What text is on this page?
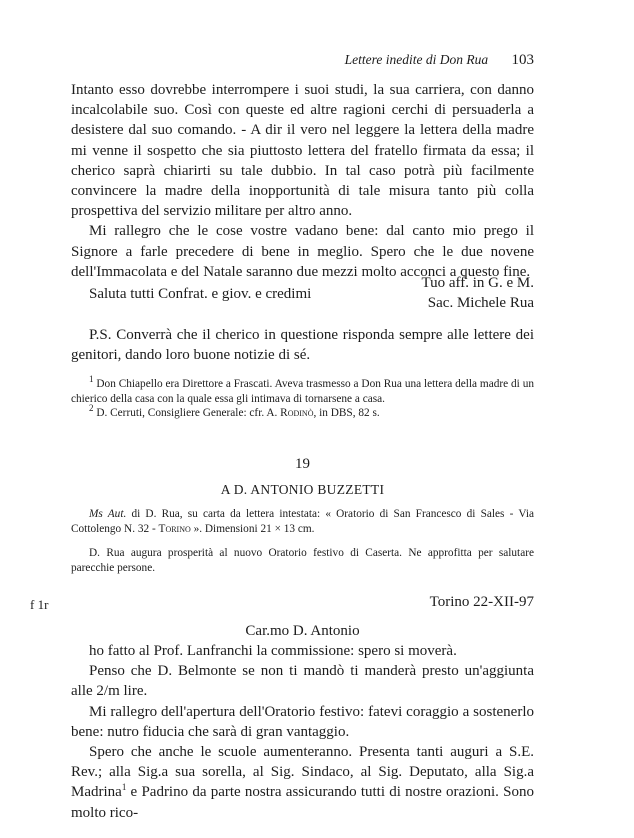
Lettere inedite di Don Rua 103

Intanto esso dovrebbe interrompere i suoi studi, la sua carriera, con danno incalcolabile suo. Così con queste ed altre ragioni cerchi di persuaderla a desistere dal suo comando. - A dir il vero nel leggere la lettera della madre mi venne il sospetto che sia piuttosto lettera del fratello firmata da essa; il cherico saprà chiarirti su tale dubbio. In tal caso potrà più facilmente convincere la madre della inopportunità di tale misura tanto più colla prospettiva del servizio militare per altro anno.

Mi rallegro che le cose vostre vadano bene: dal canto mio prego il Signore a farle precedere di bene in meglio. Spero che le due novene dell'Immacolata e del Natale saranno due mezzi molto acconci a questo fine.

Saluta tutti Confrat. e giov. e credimi

Tuo aff. in G. e M.
Sac. Michele Rua

P.S. Converrà che il cherico in questione risponda sempre alle lettere dei genitori, dando loro buone notizie di sé.

$^1$ Don Chiapello era Direttore a Frascati. Aveva trasmesso a Don Rua una lettera della madre di un chierico della casa con la quale essa gli intimava di tornarsene a casa.

$^2$ D. Cerruti, Consigliere Generale: cfr. A. Rodinò, in DBS, 82 s.

19
A D. ANTONIO BUZZETTI

Ms Aut. di D. Rua, su carta da lettera intestata: « Oratorio di San Francesco di Sales - Via Cottolengo N. 32 - Torino ». Dimensioni 21 × 13 cm.

D. Rua augura prosperità al nuovo Oratorio festivo di Caserta. Ne approfitta per salutare parecchie persone.

f 1r	Torino 22-XII-97
Car.mo D. Antonio

ho fatto al Prof. Lanfranchi la commissione: spero si moverà.

Penso che D. Belmonte se non ti mandò ti manderà presto un'aggiunta alle 2/m lire.

Mi rallegro dell'apertura dell'Oratorio festivo: fatevi coraggio a sostenerlo bene: nutro fiducia che sarà di gran vantaggio.

Spero che anche le scuole aumenteranno. Presenta tanti auguri a S.E. Rev.; alla Sig.a sua sorella, al Sig. Sindaco, al Sig. Deputato, alla Sig.a Madrina$^1$ e Padrino da parte nostra assicurando tutti di nostre orazioni. Sono molto rico-
